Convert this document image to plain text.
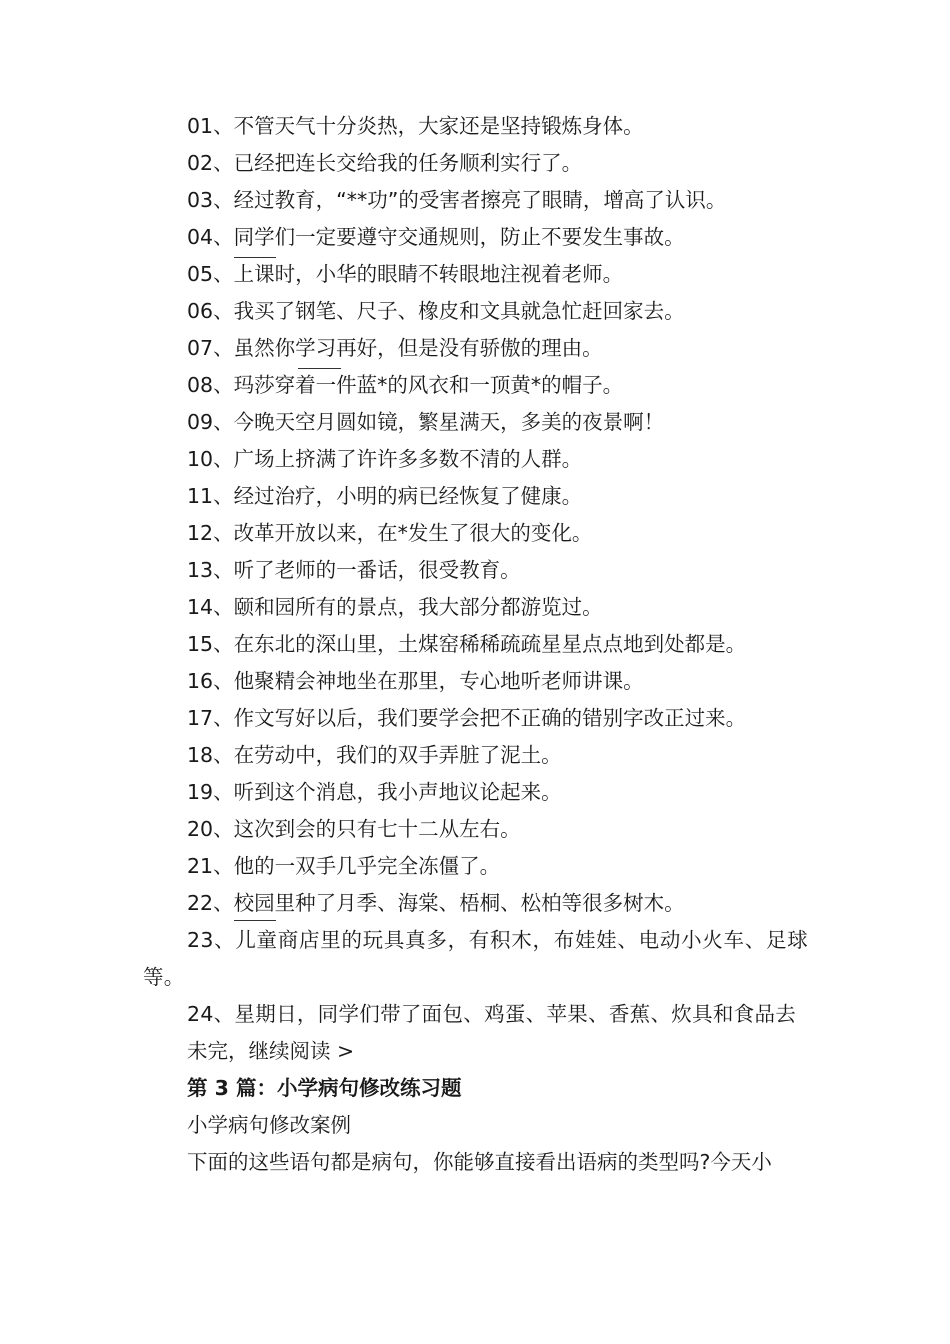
01、不管天气十分炎热，大家还是坚持锻炼身体。

02、已经把连长交给我的任务顺利实行了。

03、经过教育，“**功”的受害者擦亮了眼睛，增高了认识。

04、同学们一定要遵守交通规则，防止不要发生事故。

05、上课时，小华的眼睛不转眼地注视着老师。

06、我买了钢笔、尺子、橡皮和文具就急忙赶回家去。

07、虽然你学习再好，但是没有骄傲的理由。

08、玛莎穿着一件蓝*的风衣和一顶黄*的帽子。

09、今晚天空月圆如镜，繁星满天，多美的夜景啊！

10、广场上挤满了许许多多数不清的人群。

11、经过治疗，小明的病已经恢复了健康。

12、改革开放以来，在*发生了很大的变化。

13、听了老师的一番话，很受教育。

14、颐和园所有的景点，我大部分都游览过。

15、在东北的深山里，土煤窑稀稀疏疏星星点点地到处都是。

16、他聚精会神地坐在那里，专心地听老师讲课。

17、作文写好以后，我们要学会把不正确的错别字改正过来。

18、在劳动中，我们的双手弄脏了泥土。

19、听到这个消息，我小声地议论起来。

20、这次到会的只有七十二从左右。

21、他的一双手几乎完全冻僵了。

22、校园里种了月季、海棠、梧桐、松柏等很多树木。

23、儿童商店里的玩具真多，有积木，布娃娃、电动小火车、足球等。

24、星期日，同学们带了面包、鸡蛋、苹果、香蕉、炊具和食品去

未完，继续阅读 >

第 3 篇：小学病句修改练习题

小学病句修改案例

下面的这些语句都是病句，你能够直接看出语病的类型吗?今天小
